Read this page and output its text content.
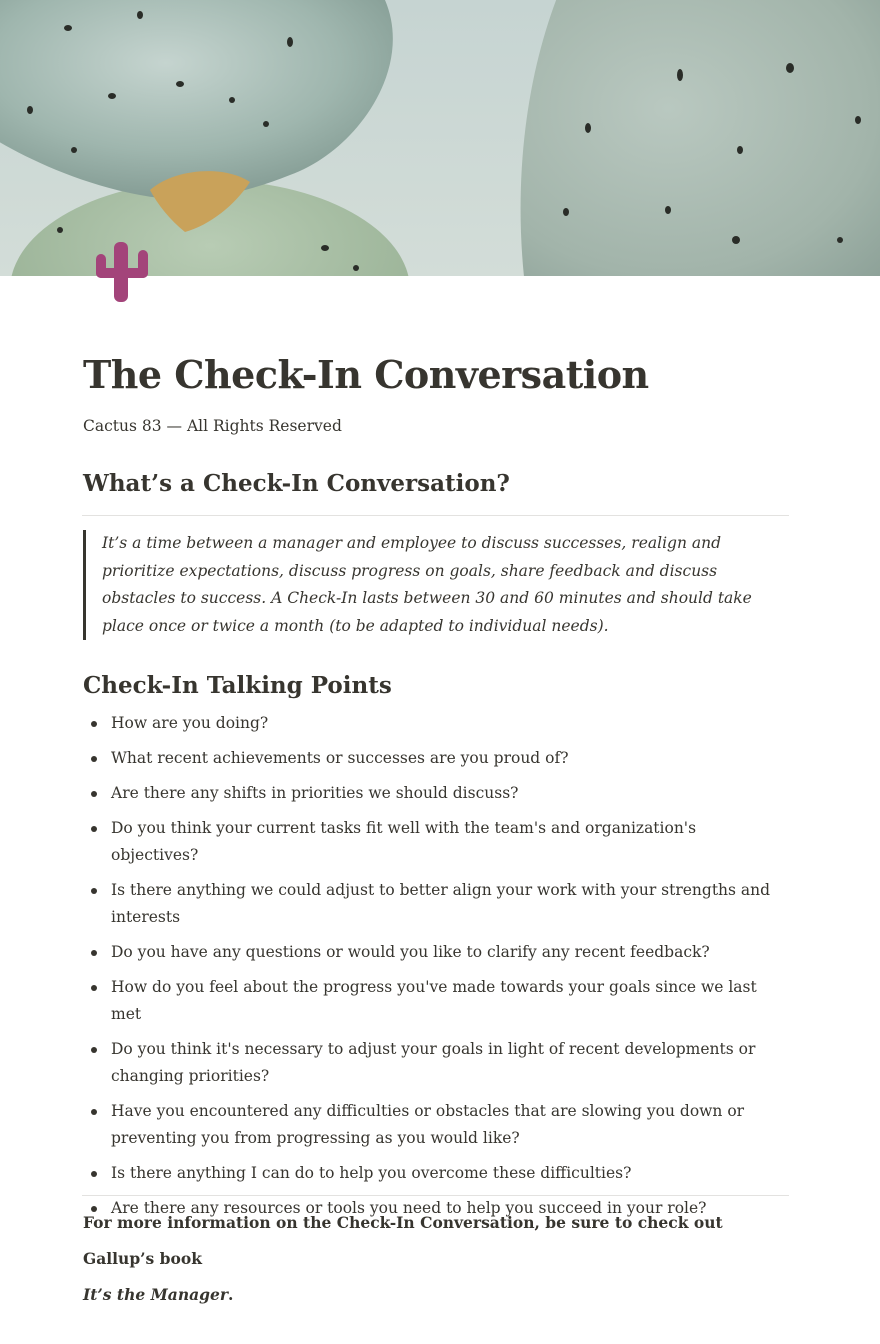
The Check-In Conversation

Cactus 83 — All Rights Reserved

What’s a Check-In Conversation?

It’s a time between a manager and employee to discuss successes, realign and prioritize expectations, discuss progress on goals, share feedback and discuss obstacles to success. A Check-In lasts between 30 and 60 minutes and should take place once or twice a month (to be adapted to individual needs).

Check-In Talking Points
How are you doing?
What recent achievements or successes are you proud of?
Are there any shifts in priorities we should discuss?
Do you think your current tasks fit well with the team's and organization's objectives?
Is there anything we could adjust to better align your work with your strengths and interests
Do you have any questions or would you like to clarify any recent feedback?
How do you feel about the progress you've made towards your goals since we last met
Do you think it's necessary to adjust your goals in light of recent developments or changing priorities?
Have you encountered any difficulties or obstacles that are slowing you down or preventing you from progressing as you would like?
Is there anything I can do to help you overcome these difficulties?
Are there any resources or tools you need to help you succeed in your role?

For more information on the Check-In Conversation, be sure to check out Gallup’s book
It’s the Manager.
